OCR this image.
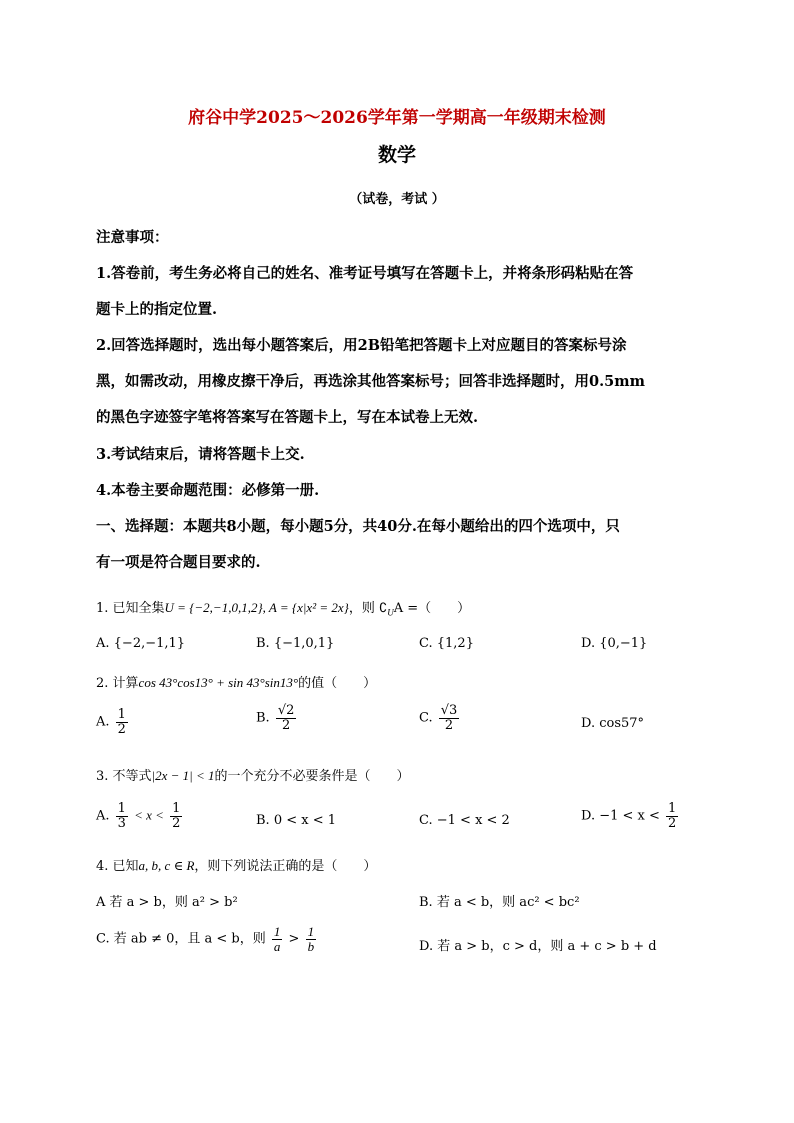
府谷中学2025～2026学年第一学期高一年级期末检测
数学
（试卷，考试 ）
注意事项：
1.答卷前，考生务必将自己的姓名、准考证号填写在答题卡上，并将条形码粘贴在答
题卡上的指定位置.
2.回答选择题时，选出每小题答案后，用2B铅笔把答题卡上对应题目的答案标号涂
黑，如需改动，用橡皮擦干净后，再选涂其他答案标号；回答非选择题时，用0.5mm
的黑色字迹签字笔将答案写在答题卡上，写在本试卷上无效.
3.考试结束后，请将答题卡上交.
4.本卷主要命题范围：必修第一册.
一、选择题：本题共8小题，每小题5分，共40分.在每小题给出的四个选项中，只
有一项是符合题目要求的.
1. 已知全集U = {−2,−1,0,1,2}, A = {x|x² = 2x}，则 $∁_UA$ =（　　）
A. {−2,−1,1}	B. {−1,0,1}	C. {1,2}	D. {0,−1}
2. 计算cos 43°cos13° + sin 43°sin13°的值（　　）
A. $\frac{1}{2}$	B. $\frac{√2}{2}$	C. $\frac{√3}{2}$	D. cos57°
3. 不等式|2x − 1| < 1的一个充分不必要条件是（　　）
A. $\frac{1}{3} < x < \frac{1}{2}$	B. 0 < x < 1	C. −1 < x < 2	D. $-1 < x < \frac{1}{2}$
4. 已知a, b, c ∈ R，则下列说法正确的是（　　）
A 若 a > b，则 a² > b²	B. 若 a < b，则 ac² < bc²
C. 若 ab ≠ 0，且 a < b，则 $\frac{1}{a} > \frac{1}{b}$	D. 若 a > b，c > d，则 a + c > b + d
